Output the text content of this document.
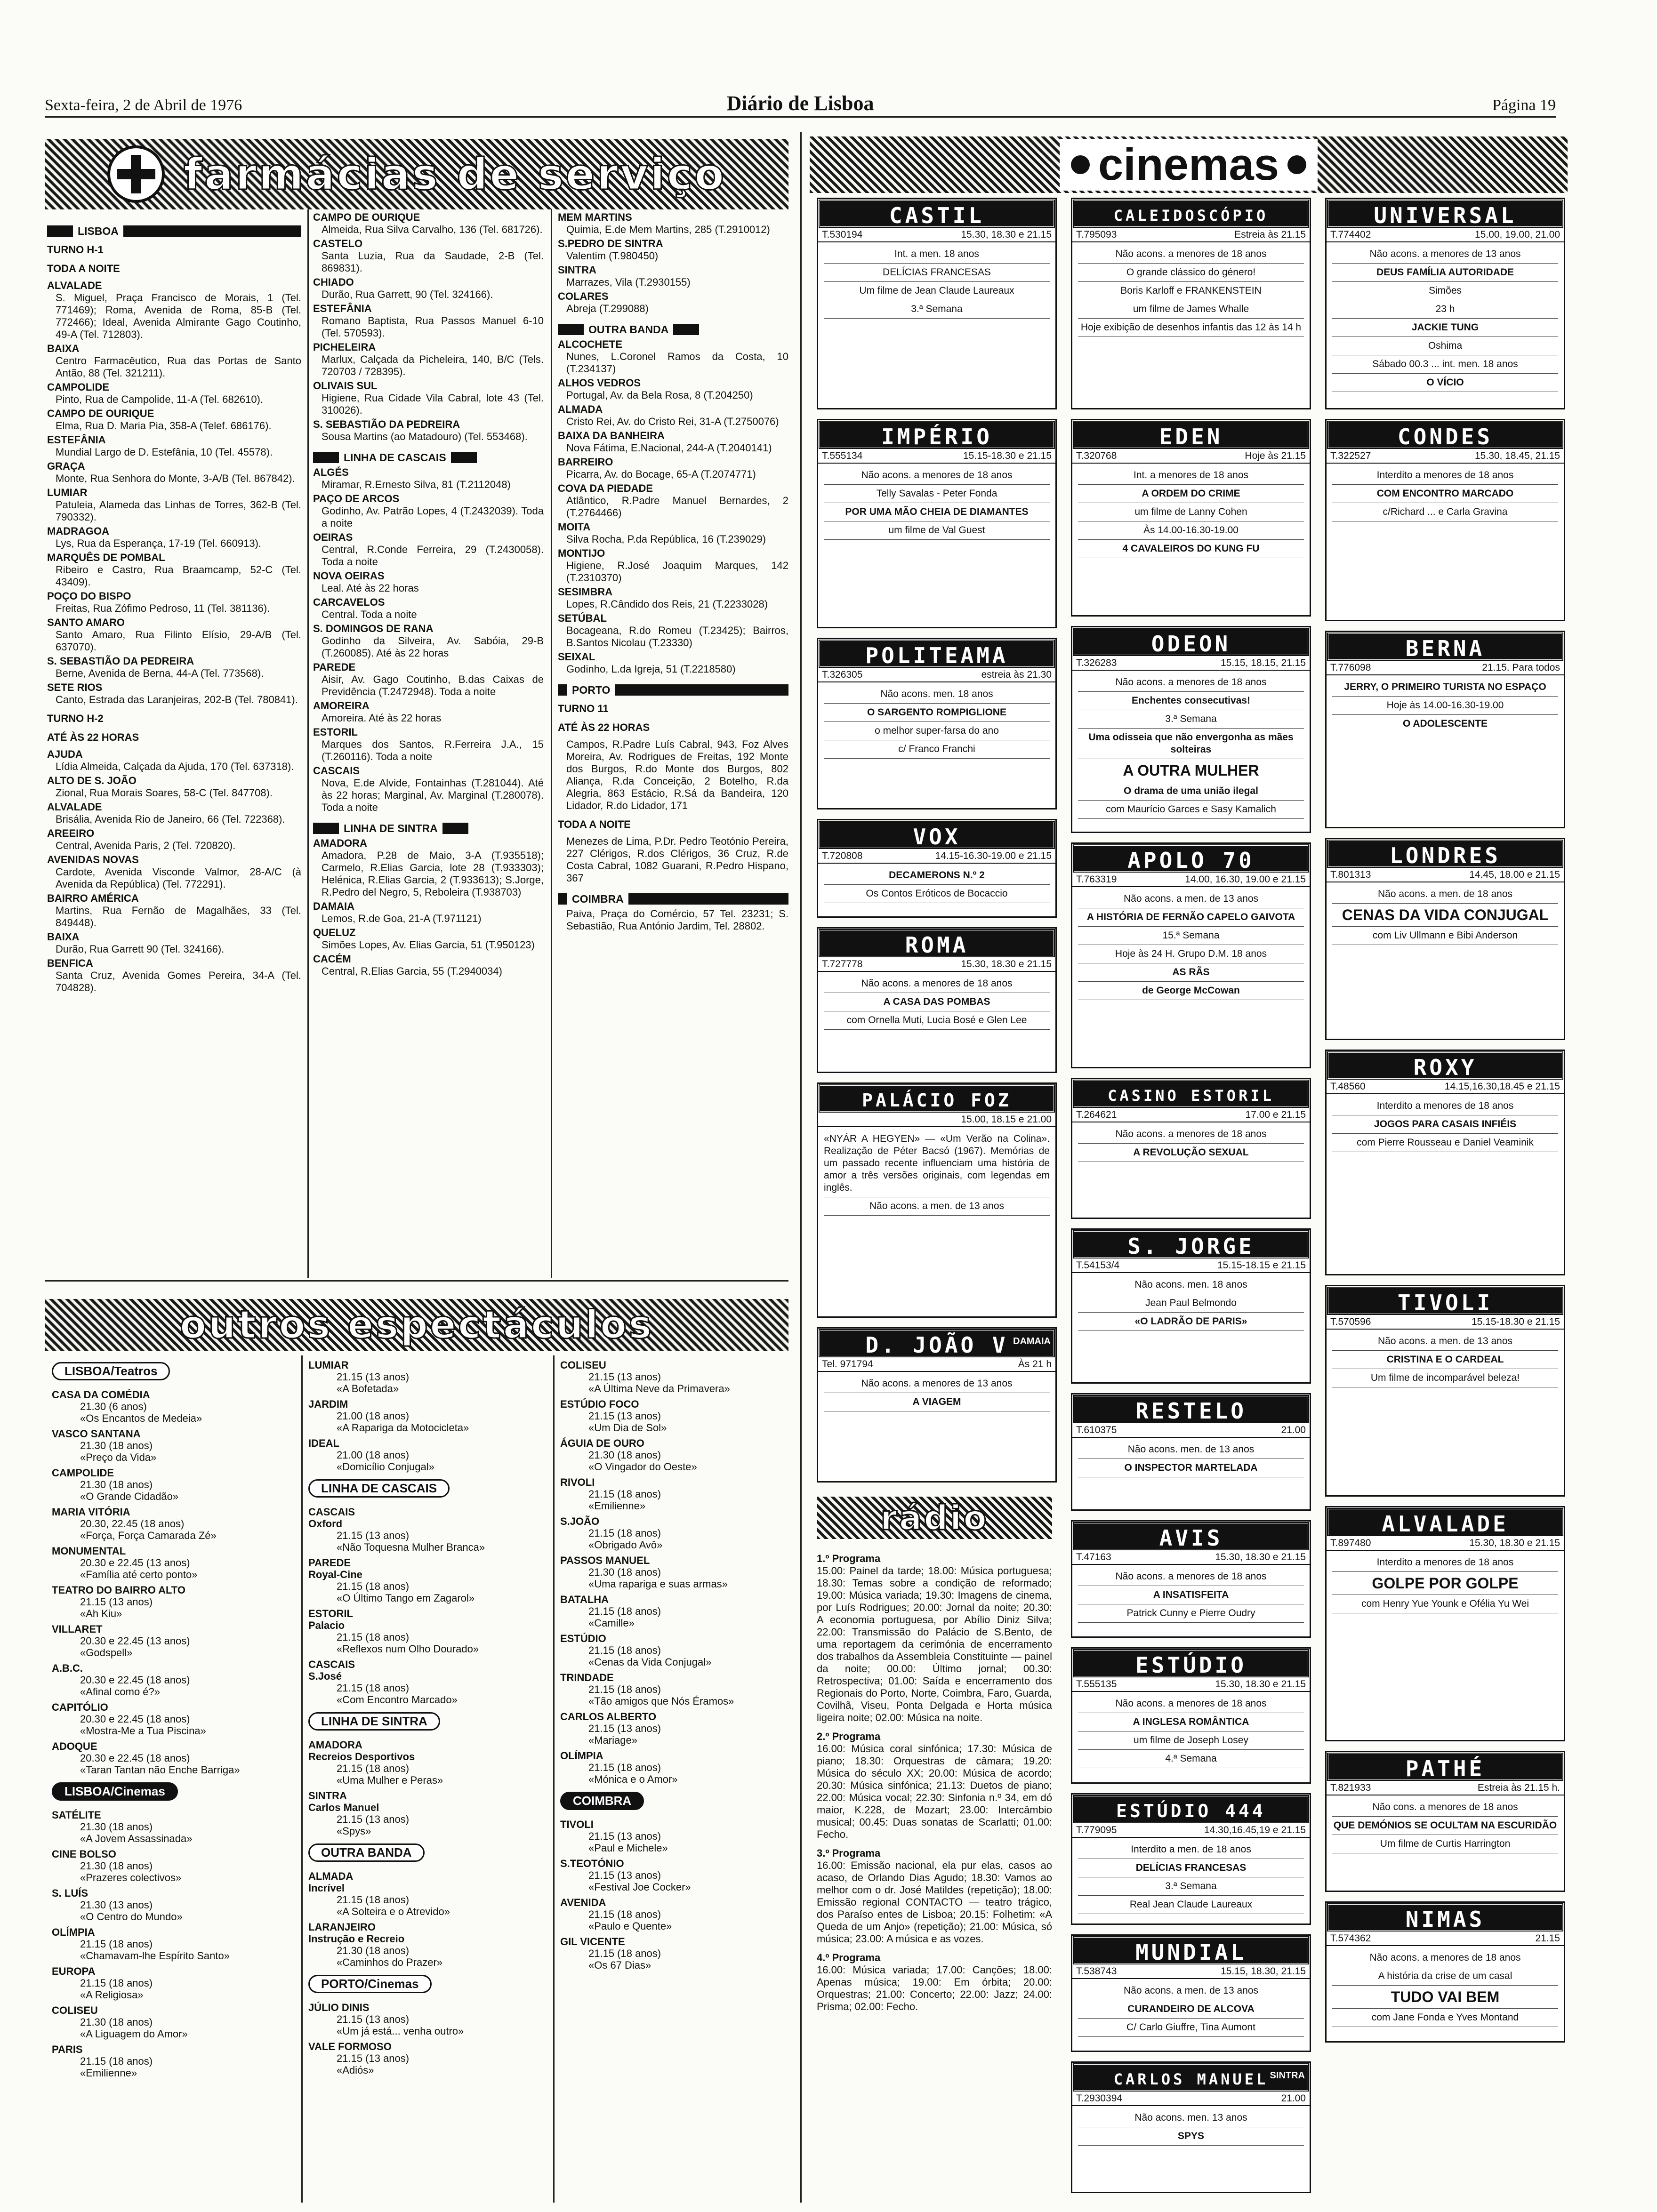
Sexta-feira, 2 de Abril de 1976	Diário de Lisboa	Página 19
farmácias de serviço
LISBOA
TURNO H-1
TODA A NOITE
ALVALADE

S. Miguel, Praça Francisco de Morais, 1 (Tel. 771469); Roma, Avenida de Roma, 85-B (Tel. 772466); Ideal, Avenida Almirante Gago Coutinho, 49-A (Tel. 712803).

BAIXA

Centro Farmacêutico, Rua das Portas de Santo Antão, 88 (Tel. 321211).

CAMPOLIDE

Pinto, Rua de Campolide, 11-A (Tel. 682610).

CAMPO DE OURIQUE

Elma, Rua D. Maria Pia, 358-A (Telef. 686176).

ESTEFÂNIA

Mundial Largo de D. Estefânia, 10 (Tel. 45578).

GRAÇA

Monte, Rua Senhora do Monte, 3-A/B (Tel. 867842).

LUMIAR

Patuleia, Alameda das Linhas de Torres, 362-B (Tel. 790332).

MADRAGOA

Lys, Rua da Esperança, 17-19 (Tel. 660913).

MARQUÊS DE POMBAL

Ribeiro e Castro, Rua Braamcamp, 52-C (Tel. 43409).

POÇO DO BISPO

Freitas, Rua Zófimo Pedroso, 11 (Tel. 381136).

SANTO AMARO

Santo Amaro, Rua Filinto Elísio, 29-A/B (Tel. 637070).

S. SEBASTIÃO DA PEDREIRA

Berne, Avenida de Berna, 44-A (Tel. 773568).

SETE RIOS

Canto, Estrada das Laranjeiras, 202-B (Tel. 780841).

TURNO H-2
ATÉ ÀS 22 HORAS
AJUDA

Lídia Almeida, Calçada da Ajuda, 170 (Tel. 637318).

ALTO DE S. JOÃO

Zional, Rua Morais Soares, 58-C (Tel. 847708).

ALVALADE

Brisália, Avenida Rio de Janeiro, 66 (Tel. 722368).

AREEIRO

Central, Avenida Paris, 2 (Tel. 720820).

AVENIDAS NOVAS

Cardote, Avenida Visconde Valmor, 28-A/C (à Avenida da República) (Tel. 772291).

BAIRRO AMÉRICA

Martins, Rua Fernão de Magalhães, 33 (Tel. 849448).

BAIXA

Durão, Rua Garrett 90 (Tel. 324166).

BENFICA

Santa Cruz, Avenida Gomes Pereira, 34-A (Tel. 704828).

CAMPO DE OURIQUE

Almeida, Rua Silva Carvalho, 136 (Tel. 681726).

CASTELO

Santa Luzia, Rua da Saudade, 2-B (Tel. 869831).

CHIADO

Durão, Rua Garrett, 90 (Tel. 324166).

ESTEFÂNIA

Romano Baptista, Rua Passos Manuel 6-10 (Tel. 570593).

PICHELEIRA

Marlux, Calçada da Picheleira, 140, B/C (Tels. 720703 / 728395).

OLIVAIS SUL

Higiene, Rua Cidade Vila Cabral, lote 43 (Tel. 310026).

S. SEBASTIÃO DA PEDREIRA

Sousa Martins (ao Matadouro) (Tel. 553468).

LINHA DE CASCAIS
ALGÉS

Miramar, R.Ernesto Silva, 81 (T.2112048)

PAÇO DE ARCOS

Godinho, Av. Patrão Lopes, 4 (T.2432039). Toda a noite

OEIRAS

Central, R.Conde Ferreira, 29 (T.2430058). Toda a noite

NOVA OEIRAS

Leal. Até às 22 horas

CARCAVELOS

Central. Toda a noite

S. DOMINGOS DE RANA

Godinho da Silveira, Av. Sabóia, 29-B (T.260085). Até às 22 horas

PAREDE

Aisir, Av. Gago Coutinho, B.das Caixas de Previdência (T.2472948). Toda a noite

AMOREIRA

Amoreira. Até às 22 horas

ESTORIL

Marques dos Santos, R.Ferreira J.A., 15 (T.260116). Toda a noite

CASCAIS

Nova, E.de Alvide, Fontainhas (T.281044). Até às 22 horas; Marginal, Av. Marginal (T.280078). Toda a noite

LINHA DE SINTRA
AMADORA

Amadora, P.28 de Maio, 3-A (T.935518); Carmelo, R.Elias Garcia, lote 28 (T.933303); Helénica, R.Elias Garcia, 2 (T.933613); S.Jorge, R.Pedro del Negro, 5, Reboleira (T.938703)

DAMAIA

Lemos, R.de Goa, 21-A (T.971121)

QUELUZ

Simões Lopes, Av. Elias Garcia, 51 (T.950123)

CACÉM

Central, R.Elias Garcia, 55 (T.2940034)

MEM MARTINS

Quimia, E.de Mem Martins, 285 (T.2910012)

S.PEDRO DE SINTRA

Valentim (T.980450)

SINTRA

Marrazes, Vila (T.2930155)

COLARES

Abreja (T.299088)

OUTRA BANDA
ALCOCHETE

Nunes, L.Coronel Ramos da Costa, 10 (T.234137)

ALHOS VEDROS

Portugal, Av. da Bela Rosa, 8 (T.204250)

ALMADA

Cristo Rei, Av. do Cristo Rei, 31-A (T.2750076)

BAIXA DA BANHEIRA

Nova Fátima, E.Nacional, 244-A (T.2040141)

BARREIRO

Picarra, Av. do Bocage, 65-A (T.2074771)

COVA DA PIEDADE

Atlântico, R.Padre Manuel Bernardes, 2 (T.2764466)

MOITA

Silva Rocha, P.da República, 16 (T.239029)

MONTIJO

Higiene, R.José Joaquim Marques, 142 (T.2310370)

SESIMBRA

Lopes, R.Cândido dos Reis, 21 (T.2233028)

SETÚBAL

Bocageana, R.do Romeu (T.23425); Bairros, B.Santos Nicolau (T.23330)

SEIXAL

Godinho, L.da Igreja, 51 (T.2218580)

PORTO
TURNO 11
ATÉ ÀS 22 HORAS

Campos, R.Padre Luís Cabral, 943, Foz Alves Moreira, Av. Rodrigues de Freitas, 192 Monte dos Burgos, R.do Monte dos Burgos, 802 Aliança, R.da Conceição, 2 Botelho, R.da Alegria, 863 Estácio, R.Sá da Bandeira, 120 Lidador, R.do Lidador, 171

TODA A NOITE

Menezes de Lima, P.Dr. Pedro Teotónio Pereira, 227 Clérigos, R.dos Clérigos, 36 Cruz, R.de Costa Cabral, 1082 Guarani, R.Pedro Hispano, 367

COIMBRA

Paiva, Praça do Comércio, 57 Tel. 23231; S. Sebastião, Rua António Jardim, Tel. 28802.

outros espectáculos
LISBOA/Teatros
CASA DA COMÉDIA
21.30 (6 anos)
«Os Encantos de Medeia»
VASCO SANTANA
21.30 (18 anos)
«Preço da Vida»
CAMPOLIDE
21.30 (18 anos)
«O Grande Cidadão»
MARIA VITÓRIA
20.30, 22.45 (18 anos)
«Força, Força Camarada Zé»
MONUMENTAL
20.30 e 22.45 (13 anos)
«Família até certo ponto»
TEATRO DO BAIRRO ALTO
21.15 (13 anos)
«Ah Kiu»
VILLARET
20.30 e 22.45 (13 anos)
«Godspell»
A.B.C.
20.30 e 22.45 (18 anos)
«Afinal como é?»
CAPITÓLIO
20.30 e 22.45 (18 anos)
«Mostra-Me a Tua Piscina»
ADOQUE
20.30 e 22.45 (18 anos)
«Taran Tantan não Enche Barriga»
LISBOA/Cinemas
SATÉLITE
21.30 (18 anos)
«A Jovem Assassinada»
CINE BOLSO
21.30 (18 anos)
«Prazeres colectivos»
S. LUÍS
21.30 (13 anos)
«O Centro do Mundo»
OLÍMPIA
21.15 (18 anos)
«Chamavam-lhe Espírito Santo»
EUROPA
21.15 (18 anos)
«A Religiosa»
COLISEU
21.30 (18 anos)
«A Liguagem do Amor»
PARIS
21.15 (18 anos)
«Emilienne»
LUMIAR
21.15 (13 anos)
«A Bofetada»
JARDIM
21.00 (18 anos)
«A Rapariga da Motocicleta»
IDEAL
21.00 (18 anos)
«Domicílio Conjugal»
LINHA DE CASCAIS
CASCAIS
Oxford
21.15 (13 anos)
«Não Toquesna Mulher Branca»
PAREDE
Royal-Cine
21.15 (18 anos)
«O Último Tango em Zagarol»
ESTORIL
Palacio
21.15 (18 anos)
«Reflexos num Olho Dourado»
CASCAIS
S.José
21.15 (18 anos)
«Com Encontro Marcado»
LINHA DE SINTRA
AMADORA
Recreios Desportivos
21.15 (18 anos)
«Uma Mulher e Peras»
SINTRA
Carlos Manuel
21.15 (13 anos)
«Spys»
OUTRA BANDA
ALMADA
Incrível
21.15 (18 anos)
«A Solteira e o Atrevido»
LARANJEIRO
Instrução e Recreio
21.30 (18 anos)
«Caminhos do Prazer»
PORTO/Cinemas
JÚLIO DINIS
21.15 (13 anos)
«Um já está... venha outro»
VALE FORMOSO
21.15 (13 anos)
«Adiós»
COLISEU
21.15 (13 anos)
«A Última Neve da Primavera»
ESTÚDIO FOCO
21.15 (13 anos)
«Um Dia de Sol»
ÁGUIA DE OURO
21.30 (18 anos)
«O Vingador do Oeste»
RIVOLI
21.15 (18 anos)
«Emilienne»
S.JOÃO
21.15 (18 anos)
«Obrigado Avô»
PASSOS MANUEL
21.30 (18 anos)
«Uma rapariga e suas armas»
BATALHA
21.15 (18 anos)
«Camille»
ESTÚDIO
21.15 (18 anos)
«Cenas da Vida Conjugal»
TRINDADE
21.15 (18 anos)
«Tão amigos que Nós Éramos»
CARLOS ALBERTO
21.15 (13 anos)
«Mariage»
OLÍMPIA
21.15 (18 anos)
«Mónica e o Amor»
COIMBRA
TIVOLI
21.15 (13 anos)
«Paul e Michele»
S.TEOTÓNIO
21.15 (13 anos)
«Festival Joe Cocker»
AVENIDA
21.15 (18 anos)
«Paulo e Quente»
GIL VICENTE
21.15 (18 anos)
«Os 67 Dias»
cinemas
CASTIL
T.530194	15.30, 18.30 e 21.15
Int. a men. 18 anos
DELÍCIAS FRANCESAS
Um filme de Jean Claude Laureaux
3.ª Semana
CALEIDOSCÓPIO
T.795093	Estreia às 21.15
Não acons. a menores de 18 anos
O grande clássico do género!
Boris Karloff e FRANKENSTEIN
um filme de James Whalle
Hoje exibição de desenhos infantis das 12 às 14 h
UNIVERSAL
T.774402	15.00, 19.00, 21.00
Não acons. a menores de 13 anos
DEUS FAMÍLIA AUTORIDADE
Simões
23 h
JACKIE TUNG
Oshima
Sábado 00.3 ... int. men. 18 anos
O VÍCIO
IMPÉRIO
T.555134	15.15-18.30 e 21.15
Não acons. a menores de 18 anos
Telly Savalas - Peter Fonda
POR UMA MÃO CHEIA DE DIAMANTES
um filme de Val Guest
EDEN
T.320768	Hoje às 21.15
Int. a menores de 18 anos
A ORDEM DO CRIME
um filme de Lanny Cohen
Às 14.00-16.30-19.00
4 CAVALEIROS DO KUNG FU
CONDES
T.322527	15.30, 18.45, 21.15
Interdito a menores de 18 anos
COM ENCONTRO MARCADO
c/Richard ... e Carla Gravina
POLITEAMA
T.326305	estreia às 21.30
Não acons. men. 18 anos
O SARGENTO ROMPIGLIONE
o melhor super-farsa do ano
c/ Franco Franchi
ODEON
T.326283	15.15, 18.15, 21.15
Não acons. a menores de 18 anos
Enchentes consecutivas!
3.ª Semana
Uma odisseia que não envergonha as mães solteiras
A OUTRA MULHER
O drama de uma união ilegal
com Maurício Garces e Sasy Kamalich
BERNA
T.776098	21.15. Para todos
JERRY, O PRIMEIRO TURISTA NO ESPAÇO
Hoje às 14.00-16.30-19.00
O ADOLESCENTE
VOX
T.720808	14.15-16.30-19.00 e 21.15
DECAMERONS N.º 2
Os Contos Eróticos de Bocaccio
APOLO 70
T.763319	14.00, 16.30, 19.00 e 21.15
Não acons. a men. de 13 anos
A HISTÓRIA DE FERNÃO CAPELO GAIVOTA
15.ª Semana
Hoje às 24 H. Grupo D.M. 18 anos
AS RÃS
de George McCowan
LONDRES
T.801313	14.45, 18.00 e 21.15
Não acons. a men. de 18 anos
CENAS DA VIDA CONJUGAL
com Liv Ullmann e Bibi Anderson
ROMA
T.727778	15.30, 18.30 e 21.15
Não acons. a menores de 18 anos
A CASA DAS POMBAS
com Ornella Muti, Lucia Bosé e Glen Lee
PALÁCIO FOZ
15.00, 18.15 e 21.00
«NYÁR A HEGYEN» — «Um Verão na Colina». Realização de Péter Bacsó (1967). Memórias de um passado recente influenciam uma história de amor a três versões originais, com legendas em inglês.
Não acons. a men. de 13 anos
CASINO ESTORIL
T.264621	17.00 e 21.15
Não acons. a menores de 18 anos
A REVOLUÇÃO SEXUAL
ROXY
T.48560	14.15,16.30,18.45 e 21.15
Interdito a menores de 18 anos
JOGOS PARA CASAIS INFIÉIS
com Pierre Rousseau e Daniel Veaminik
S. JORGE
T.54153/4	15.15-18.15 e 21.15
Não acons. men. 18 anos
Jean Paul Belmondo
«O LADRÃO DE PARIS»
TIVOLI
T.570596	15.15-18.30 e 21.15
Não acons. a men. de 13 anos
CRISTINA E O CARDEAL
Um filme de incomparável beleza!
D. JOÃO V DAMAIA
Tel. 971794	Às 21 h
Não acons. a menores de 13 anos
A VIAGEM	RESTELO
T.610375	21.00
Não acons. men. de 13 anos
O INSPECTOR MARTELADA
AVIS
T.47163	15.30, 18.30 e 21.15
Não acons. a menores de 18 anos
A INSATISFEITA
Patrick Cunny e Pierre Oudry
ALVALADE
T.897480	15.30, 18.30 e 21.15
Interdito a menores de 18 anos
GOLPE POR GOLPE
com Henry Yue Younk e Ofélia Yu Wei
ESTÚDIO
T.555135	15.30, 18.30 e 21.15
Não acons. a menores de 18 anos
A INGLESA ROMÂNTICA
um filme de Joseph Losey
4.ª Semana	PATHÉ
T.821933	Estreia às 21.15 h.
Não cons. a menores de 18 anos
QUE DEMÓNIOS SE OCULTAM NA ESCURIDÃO
Um filme de Curtis Harrington
ESTÚDIO 444
T.779095	14.30,16.45,19 e 21.15
Interdito a men. de 18 anos
DELÍCIAS FRANCESAS
3.ª Semana
Real Jean Claude Laureaux
MUNDIAL
T.538743	15.15, 18.30, 21.15
Não acons. a men. de 13 anos
CURANDEIRO DE ALCOVA
C/ Carlo Giuffre, Tina Aumont
NIMAS
T.574362	21.15
Não acons. a menores de 18 anos
A história da crise de um casal
TUDO VAI BEM
com Jane Fonda e Yves Montand
CARLOS MANUEL SINTRA
T.2930394	21.00
Não acons. men. 13 anos
SPYS
rádio
1.º Programa

15.00: Painel da tarde; 18.00: Música portuguesa; 18.30: Temas sobre a condição de reformado; 19.00: Música variada; 19.30: Imagens de cinema, por Luís Rodrigues; 20.00: Jornal da noite; 20.30: A economia portuguesa, por Abílio Diniz Silva; 22.00: Transmissão do Palácio de S.Bento, de uma reportagem da cerimónia de encerramento dos trabalhos da Assembleia Constituinte — painel da noite; 00.00: Último jornal; 00.30: Retrospectiva; 01.00: Saída e encerramento dos Regionais do Porto, Norte, Coimbra, Faro, Guarda, Covilhã, Viseu, Ponta Delgada e Horta música ligeira noite; 02.00: Música na noite.

2.º Programa

16.00: Música coral sinfónica; 17.30: Música de piano; 18.30: Orquestras de câmara; 19.20: Música do século XX; 20.00: Música de acordo; 20.30: Música sinfónica; 21.13: Duetos de piano; 22.00: Música vocal; 22.30: Sinfonia n.º 34, em dó maior, K.228, de Mozart; 23.00: Intercâmbio musical; 00.45: Duas sonatas de Scarlatti; 01.00: Fecho.

3.º Programa

16.00: Emissão nacional, ela pur elas, casos ao acaso, de Orlando Dias Agudo; 18.30: Vamos ao melhor com o dr. José Matildes (repetição); 18.00: Emissão regional CONTACTO — teatro trágico, dos Paraíso entes de Lisboa; 20.15: Folhetim: «A Queda de um Anjo» (repetição); 21.00: Música, só música; 23.00: A música e as vozes.

4.º Programa

16.00: Música variada; 17.00: Canções; 18.00: Apenas música; 19.00: Em órbita; 20.00: Orquestras; 21.00: Concerto; 22.00: Jazz; 24.00: Prisma; 02.00: Fecho.
